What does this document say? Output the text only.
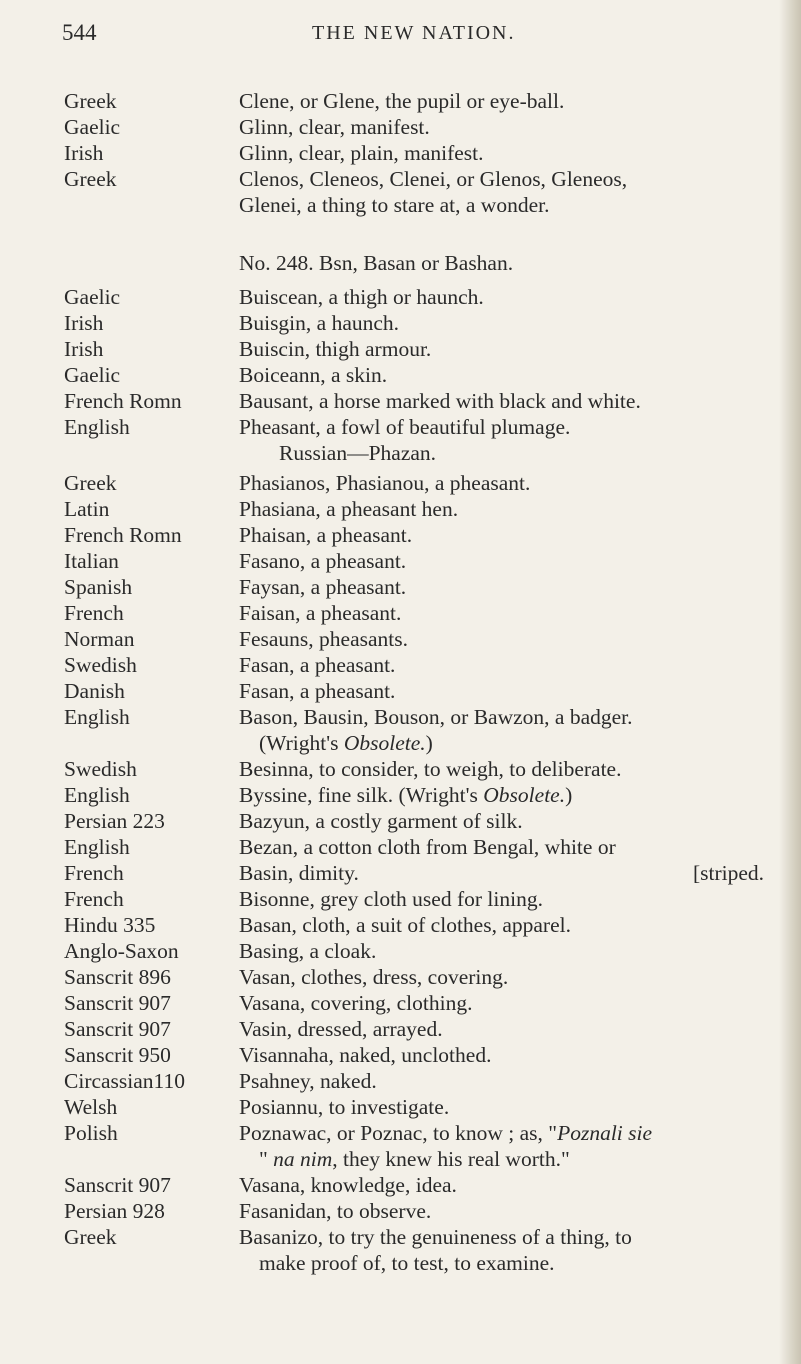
544	THE NEW NATION.
Greek	Clene, or Glene, the pupil or eye-ball.
Gaelic	Glinn, clear, manifest.
Irish	Glinn, clear, plain, manifest.
Greek	Clenos, Cleneos, Clenei, or Glenos, Gleneos,
Glenei, a thing to stare at, a wonder.
No. 248. Bsn, Basan or Bashan.
Gaelic	Buiscean, a thigh or haunch.
Irish	Buisgin, a haunch.
Irish	Buiscin, thigh armour.
Gaelic	Boiceann, a skin.
French Romn	Bausant, a horse marked with black and white.
English	Pheasant, a fowl of beautiful plumage.
Russian—Phazan.
Greek	Phasianos, Phasianou, a pheasant.
Latin	Phasiana, a pheasant hen.
French Romn	Phaisan, a pheasant.
Italian	Fasano, a pheasant.
Spanish	Faysan, a pheasant.
French	Faisan, a pheasant.
Norman	Fesauns, pheasants.
Swedish	Fasan, a pheasant.
Danish	Fasan, a pheasant.
English	Bason, Bausin, Bouson, or Bawzon, a badger.
(Wright's Obsolete.)
Swedish	Besinna, to consider, to weigh, to deliberate.
English	Byssine, fine silk. (Wright's Obsolete.)
Persian 223	Bazyun, a costly garment of silk.
English	Bezan, a cotton cloth from Bengal, white or
French	Basin, dimity.	[striped.
French	Bisonne, grey cloth used for lining.
Hindu 335	Basan, cloth, a suit of clothes, apparel.
Anglo-Saxon	Basing, a cloak.
Sanscrit 896	Vasan, clothes, dress, covering.
Sanscrit 907	Vasana, covering, clothing.
Sanscrit 907	Vasin, dressed, arrayed.
Sanscrit 950	Visannaha, naked, unclothed.
Circassian110	Psahney, naked.
Welsh	Posiannu, to investigate.
Polish	Poznawac, or Poznac, to know ; as, "Poznali sie
" na nim, they knew his real worth."
Sanscrit 907	Vasana, knowledge, idea.
Persian 928	Fasanidan, to observe.
Greek	Basanizo, to try the genuineness of a thing, to
make proof of, to test, to examine.
